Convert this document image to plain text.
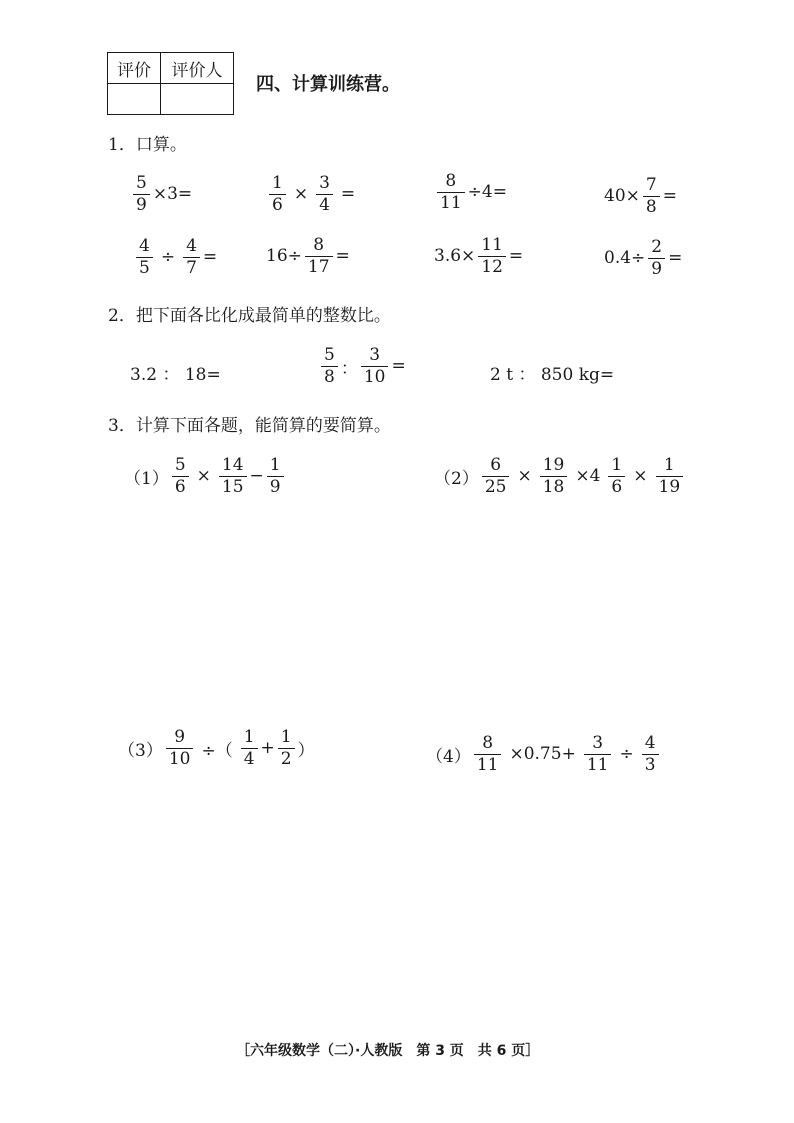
评价	评价人

四、计算训练营。
1．口算。
$\frac{5}{9} \times 3=$	$\frac{1}{6} \times \frac{3}{4}$ =	$\frac{8}{11} \div 4=$	$40\times \frac{7}{8}$ =
$\frac{4}{5} \div \frac{4}{7}$ =	$16\div \frac{8}{17}$ =	$3.6\times \frac{11}{12}$ =	$0.4\div \frac{2}{9}$ =
2．把下面各比化成最简单的整数比。
3.2 ： 18=	$\frac{5}{8}$ ： $\frac{3}{10}$ =	2 t ： 850 kg=
3．计算下面各题，能简算的要简算。
$(1) \frac{5}{6} \times \frac{14}{15} - \frac{1}{9}$	$(2) \frac{6}{25} \times \frac{19}{18} \times 4 \frac{1}{6} \times \frac{1}{19}$
$(3) \frac{9}{10}$ ÷（ $\frac{1}{4} + \frac{1}{2}$ ）	$(4) \frac{8}{11} \times 0.75+ \frac{3}{11} \div \frac{4}{3}$
［六年级数学（二）·人教版　第 3 页　共 6 页］
